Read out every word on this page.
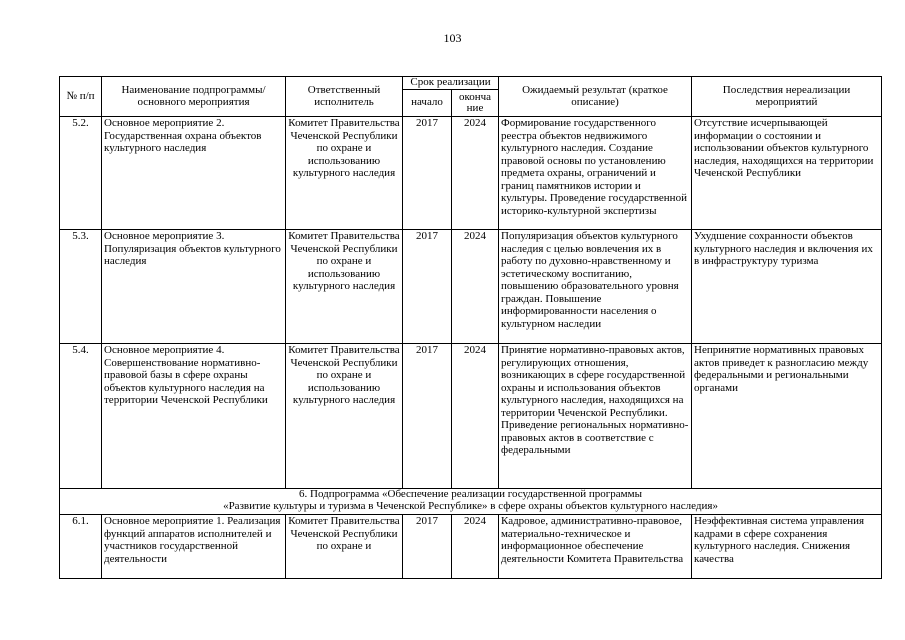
103
№ п/п	Наименование подпрограммы/ основного мероприятия	Ответственный исполнитель	Срок реализации		Ожидаемый результат (краткое описание)	Последствия нереализации мероприятий
			начало	оконча ние		
5.2.	Основное мероприятие 2. Государственная охрана объектов культурного наследия	Комитет Правительства Чеченской Республики по охране и использованию культурного наследия	2017	2024	Формирование государственного реестра объектов недвижимого культурного наследия. Создание правовой основы по установлению предмета охраны, ограничений и границ памятников истории и культуры. Проведение государственной историко-культурной экспертизы	Отсутствие исчерпывающей информации о состоянии и использовании объектов культурного наследия, находящихся на территории Чеченской Республики
5.3.	Основное мероприятие 3. Популяризация объектов культурного наследия	Комитет Правительства Чеченской Республики по охране и использованию культурного наследия	2017	2024	Популяризация объектов культурного наследия с целью вовлечения их в работу по духовно-нравственному и эстетическому воспитанию, повышению образовательного уровня граждан. Повышение информированности населения о культурном наследии	Ухудшение сохранности объектов культурного наследия и включения их в инфраструктуру туризма
5.4.	Основное мероприятие 4. Совершенствование нормативно-правовой базы в сфере охраны объектов культурного наследия на территории Чеченской Республики	Комитет Правительства Чеченской Республики по охране и использованию культурного наследия	2017	2024	Принятие нормативно-правовых актов, регулирующих отношения, возникающих в сфере государственной охраны и использования объектов культурного наследия, находящихся на территории Чеченской Республики. Приведение региональных нормативно-правовых актов в соответствие с федеральными	Непринятие нормативных правовых актов приведет к разногласию между федеральными и региональными органами

6. Подпрограмма «Обеспечение реализации государственной программы
«Развитие культуры и туризма в Чеченской Республике» в сфере охраны объектов культурного наследия»						

6.1.	Основное мероприятие 1. Реализация функций аппаратов исполнителей и участников государственной деятельности	Комитет Правительства Чеченской Республики по охране и	2017	2024	Кадровое, административно-правовое, материально-техническое и информационное обеспечение деятельности Комитета Правительства	Неэффективная система управления кадрами в сфере сохранения культурного наследия. Снижения качества
